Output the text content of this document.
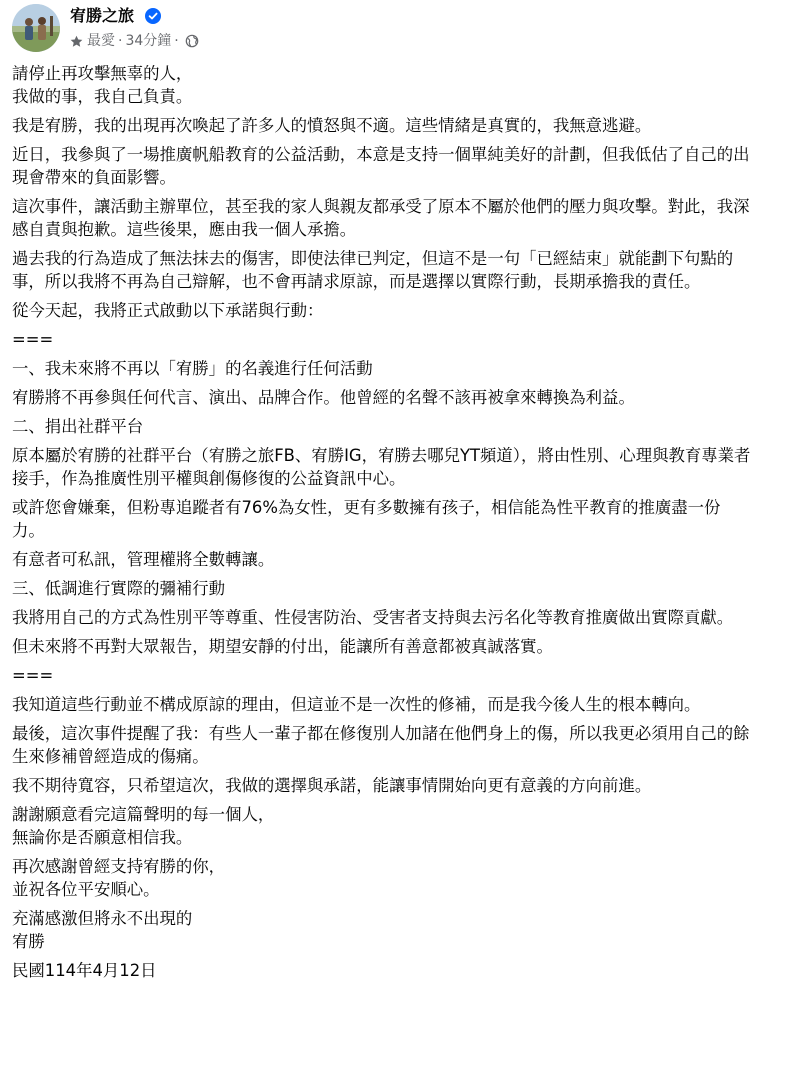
宥勝之旅
最愛 · 34分鐘 ·

請停止再攻擊無辜的人，
我做的事，我自己負責。

我是宥勝，我的出現再次喚起了許多人的憤怒與不適。這些情緒是真實的，我無意逃避。

近日，我參與了一場推廣帆船教育的公益活動，本意是支持一個單純美好的計劃，但我低估了自己的出
現會帶來的負面影響。

這次事件，讓活動主辦單位，甚至我的家人與親友都承受了原本不屬於他們的壓力與攻擊。對此，我深
感自責與抱歉。這些後果，應由我一個人承擔。

過去我的行為造成了無法抹去的傷害，即使法律已判定，但這不是一句「已經結束」就能劃下句點的
事，所以我將不再為自己辯解，也不會再請求原諒，而是選擇以實際行動，長期承擔我的責任。

從今天起，我將正式啟動以下承諾與行動：

===

一、我未來將不再以「宥勝」的名義進行任何活動

宥勝將不再參與任何代言、演出、品牌合作。他曾經的名聲不該再被拿來轉換為利益。

二、捐出社群平台

原本屬於宥勝的社群平台（宥勝之旅FB、宥勝IG，宥勝去哪兒YT頻道），將由性別、心理與教育專業者
接手，作為推廣性別平權與創傷修復的公益資訊中心。

或許您會嫌棄，但粉專追蹤者有76%為女性，更有多數擁有孩子，相信能為性平教育的推廣盡一份
力。

有意者可私訊，管理權將全數轉讓。

三、低調進行實際的彌補行動

我將用自己的方式為性別平等尊重、性侵害防治、受害者支持與去污名化等教育推廣做出實際貢獻。

但未來將不再對大眾報告，期望安靜的付出，能讓所有善意都被真誠落實。

===

我知道這些行動並不構成原諒的理由，但這並不是一次性的修補，而是我今後人生的根本轉向。

最後，這次事件提醒了我：有些人一輩子都在修復別人加諸在他們身上的傷，所以我更必須用自己的餘
生來修補曾經造成的傷痛。

我不期待寬容，只希望這次，我做的選擇與承諾，能讓事情開始向更有意義的方向前進。

謝謝願意看完這篇聲明的每一個人，
無論你是否願意相信我。

再次感謝曾經支持宥勝的你，
並祝各位平安順心。

充滿感激但將永不出現的
宥勝

民國114年4月12日
